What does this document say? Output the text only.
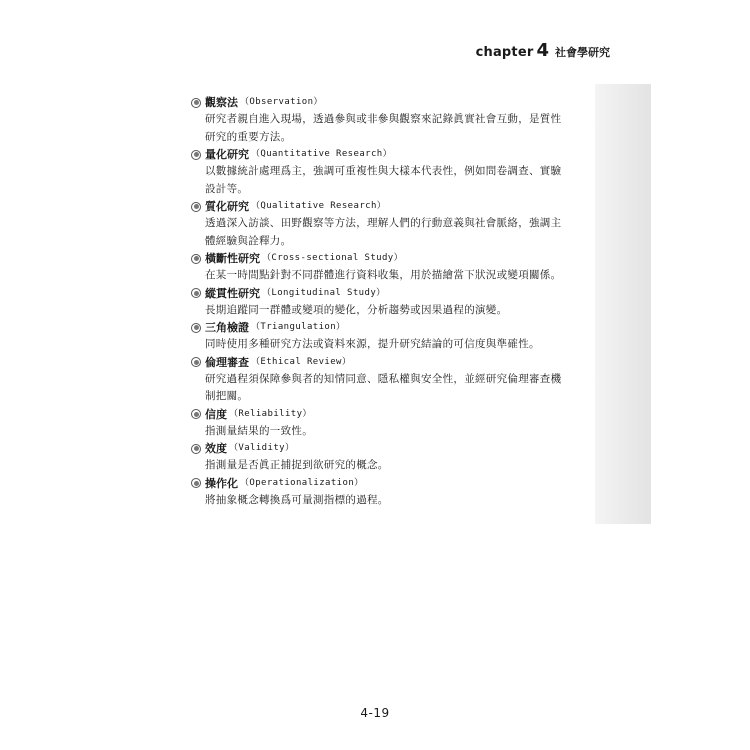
chapter 4 社會學研究
觀察法 （Observation）

研究者親自進入現場，透過參與或非參與觀察來記錄眞實社會互動，是質性
研究的重要方法。

量化研究 （Quantitative Research）

以數據統計處理爲主，強調可重複性與大樣本代表性，例如問卷調查、實驗
設計等。

質化研究 （Qualitative Research）

透過深入訪談、田野觀察等方法，理解人們的行動意義與社會脈絡，強調主
體經驗與詮釋力。

橫斷性研究 （Cross-sectional Study）

在某一時間點針對不同群體進行資料收集，用於描繪當下狀況或變項關係。

縱貫性研究 （Longitudinal Study）

長期追蹤同一群體或變項的變化，分析趨勢或因果過程的演變。

三角檢證 （Triangulation）

同時使用多種研究方法或資料來源，提升研究結論的可信度與準確性。

倫理審查 （Ethical Review）

研究過程須保障參與者的知情同意、隱私權與安全性，並經研究倫理審查機
制把關。

信度 （Reliability）

指測量結果的一致性。

效度 （Validity）

指測量是否眞正捕捉到欲研究的概念。

操作化 （Operationalization）

將抽象概念轉換爲可量測指標的過程。

4-19
